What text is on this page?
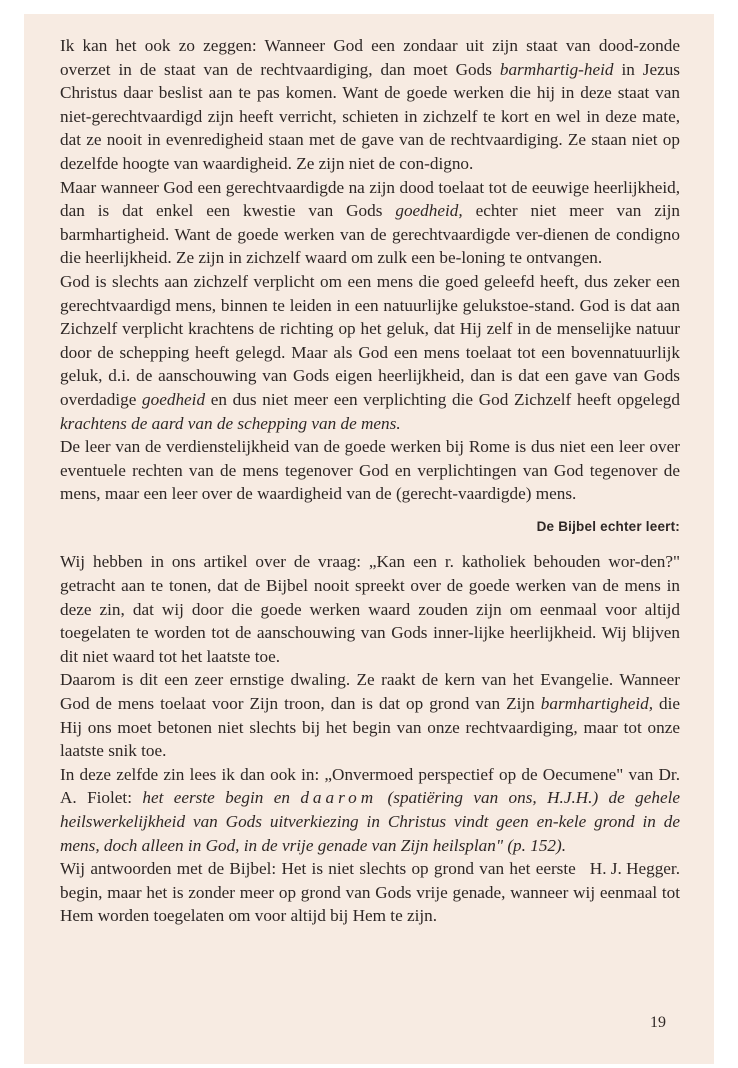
Ik kan het ook zo zeggen: Wanneer God een zondaar uit zijn staat van dood-zonde overzet in de staat van de rechtvaardiging, dan moet Gods barmhartig-heid in Jezus Christus daar beslist aan te pas komen. Want de goede werken die hij in deze staat van niet-gerechtvaardigd zijn heeft verricht, schieten in zichzelf te kort en wel in deze mate, dat ze nooit in evenredigheid staan met de gave van de rechtvaardiging. Ze staan niet op dezelfde hoogte van waardigheid. Ze zijn niet de con-digno.

Maar wanneer God een gerechtvaardigde na zijn dood toelaat tot de eeuwige heerlijkheid, dan is dat enkel een kwestie van Gods goedheid, echter niet meer van zijn barmhartigheid. Want de goede werken van de gerechtvaardigde ver-dienen de condigno die heerlijkheid. Ze zijn in zichzelf waard om zulk een be-loning te ontvangen.

God is slechts aan zichzelf verplicht om een mens die goed geleefd heeft, dus zeker een gerechtvaardigd mens, binnen te leiden in een natuurlijke gelukstoe-stand. God is dat aan Zichzelf verplicht krachtens de richting op het geluk, dat Hij zelf in de menselijke natuur door de schepping heeft gelegd. Maar als God een mens toelaat tot een bovennatuurlijk geluk, d.i. de aanschouwing van Gods eigen heerlijkheid, dan is dat een gave van Gods overdadige goedheid en dus niet meer een verplichting die God Zichzelf heeft opgelegd krachtens de aard van de schepping van de mens.

De leer van de verdienstelijkheid van de goede werken bij Rome is dus niet een leer over eventuele rechten van de mens tegenover God en verplichtingen van God tegenover de mens, maar een leer over de waardigheid van de (gerecht-vaardigde) mens.

De Bijbel echter leert:

Wij hebben in ons artikel over de vraag: „Kan een r. katholiek behouden wor-den?" getracht aan te tonen, dat de Bijbel nooit spreekt over de goede werken van de mens in deze zin, dat wij door die goede werken waard zouden zijn om eenmaal voor altijd toegelaten te worden tot de aanschouwing van Gods inner-lijke heerlijkheid. Wij blijven dit niet waard tot het laatste toe.

Daarom is dit een zeer ernstige dwaling. Ze raakt de kern van het Evangelie. Wanneer God de mens toelaat voor Zijn troon, dan is dat op grond van Zijn barmhartigheid, die Hij ons moet betonen niet slechts bij het begin van onze rechtvaardiging, maar tot onze laatste snik toe.

In deze zelfde zin lees ik dan ook in: „Onvermoed perspectief op de Oecumene" van Dr. A. Fiolet: het eerste begin en daarom (spatiëring van ons, H.J.H.) de gehele heilswerkelijkheid van Gods uitverkiezing in Christus vindt geen en-kele grond in de mens, doch alleen in God, in de vrije genade van Zijn heilsplan" (p. 152).

H. J. Hegger.
Wij antwoorden met de Bijbel: Het is niet slechts op grond van het eerste begin, maar het is zonder meer op grond van Gods vrije genade, wanneer wij eenmaal tot Hem worden toegelaten om voor altijd bij Hem te zijn.

19
